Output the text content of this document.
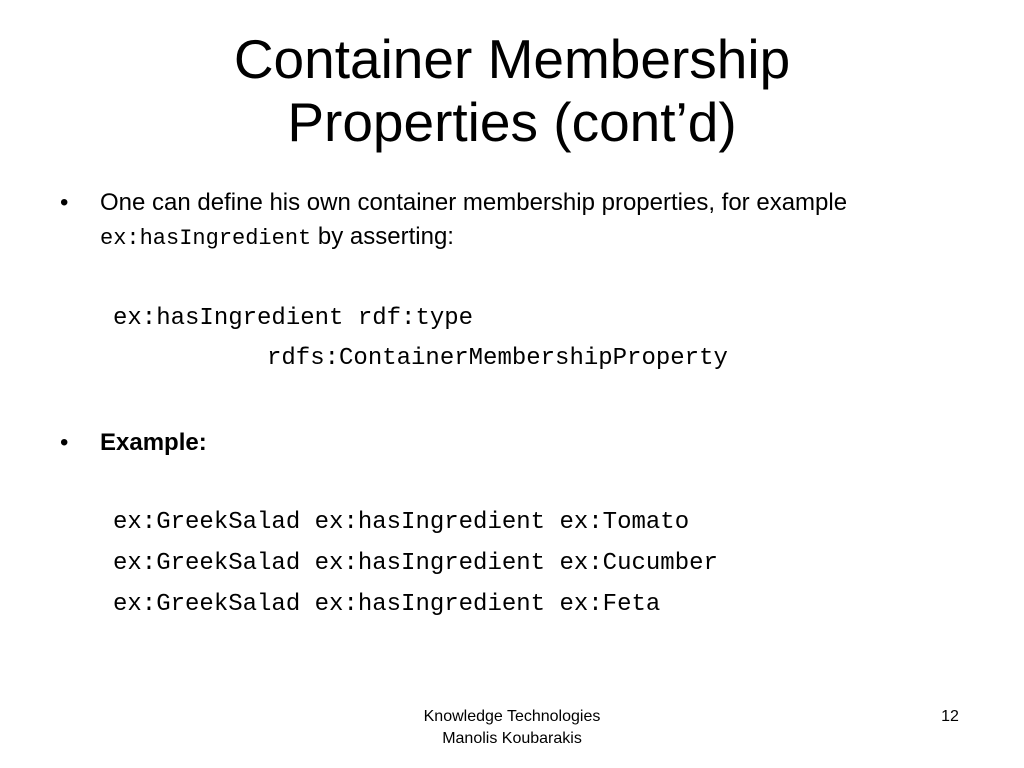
Container Membership
Properties (cont’d)
• One can define his own container membership properties, for example ex:hasIngredient by asserting:
ex:hasIngredient rdf:type
rdfs:ContainerMembershipProperty
• Example:
ex:GreekSalad ex:hasIngredient ex:Tomato
ex:GreekSalad ex:hasIngredient ex:Cucumber
ex:GreekSalad ex:hasIngredient ex:Feta
Knowledge Technologies
Manolis Koubarakis
12
